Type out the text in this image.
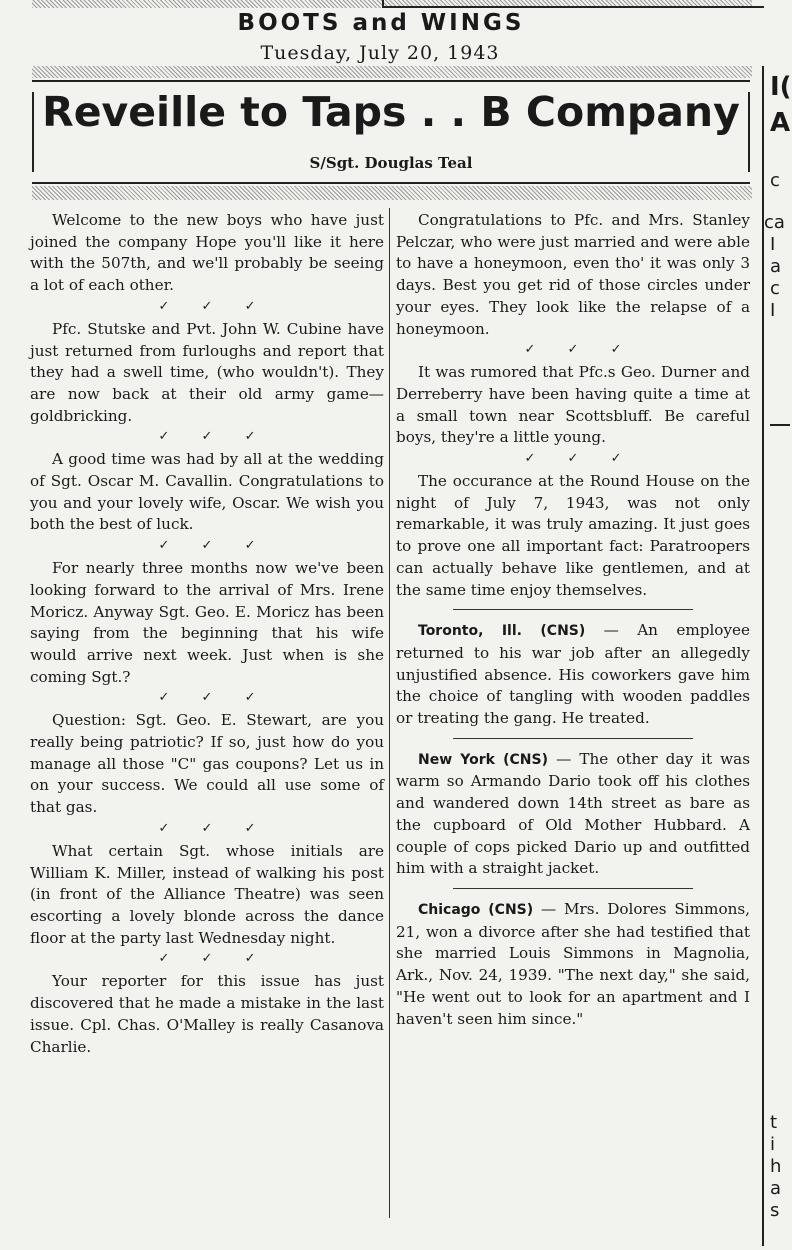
BOOTS and WINGS
Tuesday, July 20, 1943
Reveille to Taps . . B Company
S/Sgt. Douglas Teal
I(
A
c
ca
I
a
c
I
t
i
h
a
s

Welcome to the new boys who have just joined the company Hope you'll like it here with the 507th, and we'll probably be seeing a lot of each other.

✓ ✓ ✓

Pfc. Stutske and Pvt. John W. Cubine have just returned from furloughs and report that they had a swell time, (who wouldn't). They are now back at their old army game—goldbricking.

✓ ✓ ✓

A good time was had by all at the wedding of Sgt. Oscar M. Cavallin. Congratulations to you and your lovely wife, Oscar. We wish you both the best of luck.

✓ ✓ ✓

For nearly three months now we've been looking forward to the arrival of Mrs. Irene Moricz. Anyway Sgt. Geo. E. Moricz has been saying from the beginning that his wife would arrive next week. Just when is she coming Sgt.?

✓ ✓ ✓

Question: Sgt. Geo. E. Stewart, are you really being patriotic? If so, just how do you manage all those "C" gas coupons? Let us in on your success. We could all use some of that gas.

✓ ✓ ✓

What certain Sgt. whose initials are William K. Miller, instead of walking his post (in front of the Alliance Theatre) was seen escorting a lovely blonde across the dance floor at the party last Wednesday night.

✓ ✓ ✓

Your reporter for this issue has just discovered that he made a mistake in the last issue. Cpl. Chas. O'Malley is really Casanova Charlie.

Congratulations to Pfc. and Mrs. Stanley Pelczar, who were just married and were able to have a honeymoon, even tho' it was only 3 days. Best you get rid of those circles under your eyes. They look like the relapse of a honeymoon.

✓ ✓ ✓

It was rumored that Pfc.s Geo. Durner and Derreberry have been having quite a time at a small town near Scottsbluff. Be careful boys, they're a little young.

✓ ✓ ✓

The occurance at the Round House on the night of July 7, 1943, was not only remarkable, it was truly amazing. It just goes to prove one all important fact: Paratroopers can actually behave like gentlemen, and at the same time enjoy themselves.

Toronto, Ill. (CNS) — An employee returned to his war job after an allegedly unjustified absence. His coworkers gave him the choice of tangling with wooden paddles or treating the gang. He treated.

New York (CNS) — The other day it was warm so Armando Dario took off his clothes and wandered down 14th street as bare as the cupboard of Old Mother Hubbard. A couple of cops picked Dario up and outfitted him with a straight jacket.

Chicago (CNS) — Mrs. Dolores Simmons, 21, won a divorce after she had testified that she married Louis Simmons in Magnolia, Ark., Nov. 24, 1939. "The next day," she said, "He went out to look for an apartment and I haven't seen him since."
